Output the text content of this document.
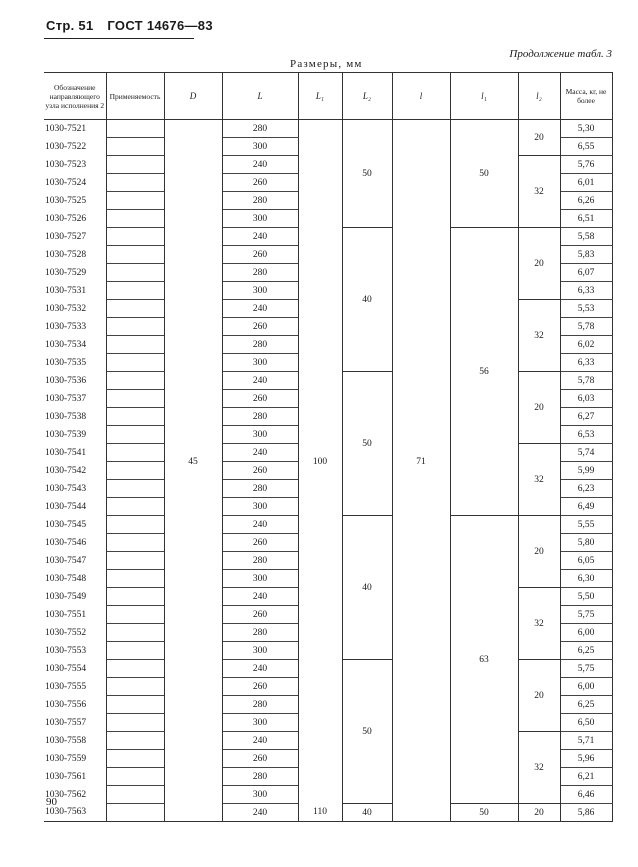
Стр. 51 ГОСТ 14676—83
Продолжение табл. 3
Размеры, мм
Обозначение направляющего узла исполнения 2	Применяемость	D	L	L₁	L₂	l	l₁	l₂	Масса, кг, не более
1030-7521		45	280	100	50	71	50	20	5,30
1030-7522			300						6,55
1030-7523			240					32	5,76
1030-7524			260						6,01
1030-7525			280						6,26
1030-7526			300						6,51
1030-7527			240		40		56	20	5,58
1030-7528			260						5,83
1030-7529			280						6,07
1030-7531			300						6,33
1030-7532			240					32	5,53
1030-7533			260						5,78
1030-7534			280						6,02
1030-7535			300						6,33
1030-7536			240		50			20	5,78
1030-7537			260						6,03
1030-7538			280						6,27
1030-7539			300						6,53
1030-7541			240					32	5,74
1030-7542			260						5,99
1030-7543			280						6,23
1030-7544			300						6,49
1030-7545			240		40		63	20	5,55
1030-7546			260						5,80
1030-7547			280						6,05
1030-7548			300						6,30
1030-7549			240					32	5,50
1030-7551			260						5,75
1030-7552			280						6,00
1030-7553			300						6,25
1030-7554			240		50			20	5,75
1030-7555			260						6,00
1030-7556			280						6,25
1030-7557			300						6,50
1030-7558			240					32	5,71
1030-7559			260						5,96
1030-7561			280						6,21
1030-7562			300						6,46
1030-7563			240	110	40		50	20	5,86
90
